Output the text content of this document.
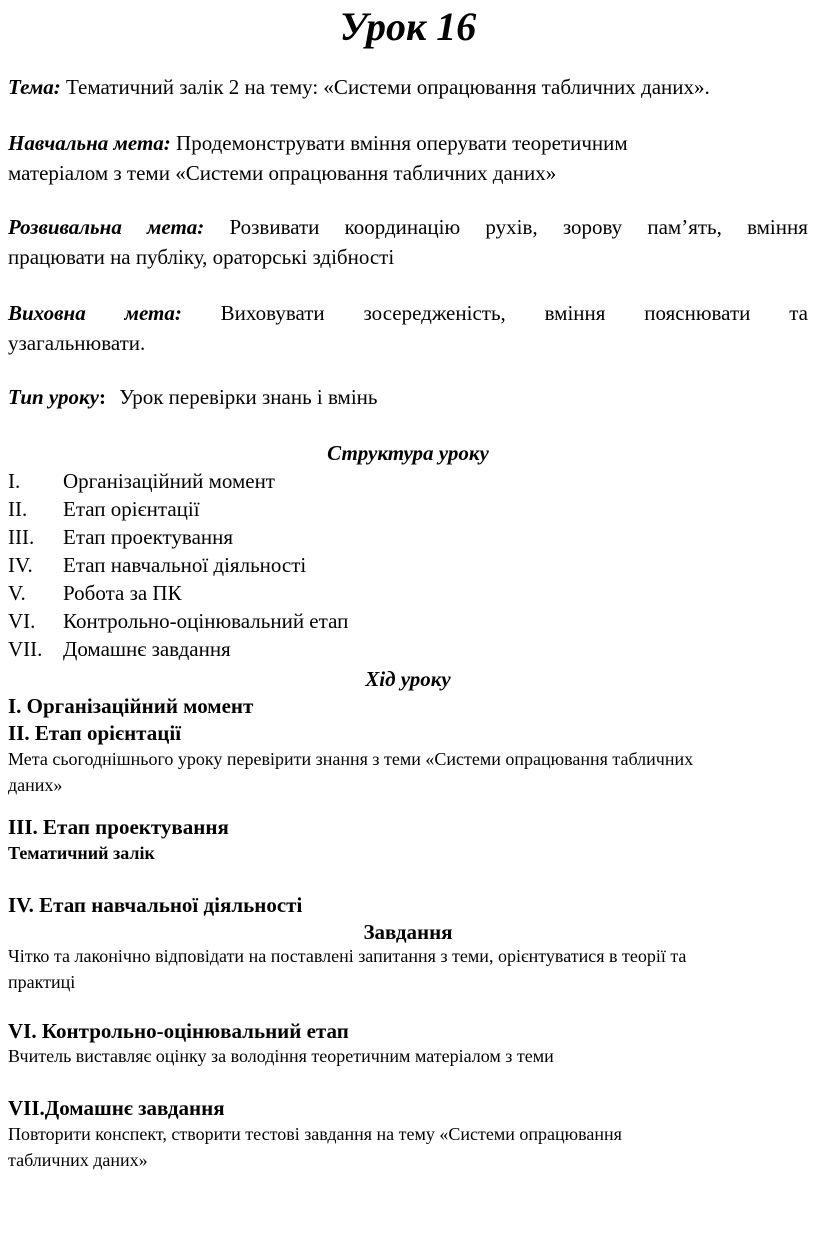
Урок 16
Тема: Тематичний залік 2 на тему: «Системи опрацювання табличних даних».
Навчальна мета: Продемонструвати вміння оперувати теоретичним
матеріалом з теми «Системи опрацювання табличних даних»
Розвивальна мета: Розвивати координацію рухів, зорову пам’ять, вміння
працювати на публіку, ораторські здібності
Виховна мета: Виховувати зосередженість, вміння пояснювати та
узагальнювати.
Тип уроку: Урок перевірки знань і вмінь
Структура уроку
I.	Організаційний момент
II.	Етап орієнтації
III.	Етап проектування
IV.	Етап навчальної діяльності
V.	Робота за ПК
VI.	Контрольно-оцінювальний етап
VII. Домашнє завдання
Хід уроку
I. Організаційний момент
II. Етап орієнтації
Мета сьогоднішнього уроку перевірити знання з теми «Системи опрацювання табличних
даних»
III. Етап проектування
Тематичний залік
IV. Етап навчальної діяльності
Завдання
Чітко та лаконічно відповідати на поставлені запитання з теми, орієнтуватися в теорії та
практиці
VI. Контрольно-оцінювальний етап
Вчитель виставляє оцінку за володіння теоретичним матеріалом з теми
VII.Домашнє завдання
Повторити конспект, створити тестові завдання на тему «Системи опрацювання
табличних даних»
